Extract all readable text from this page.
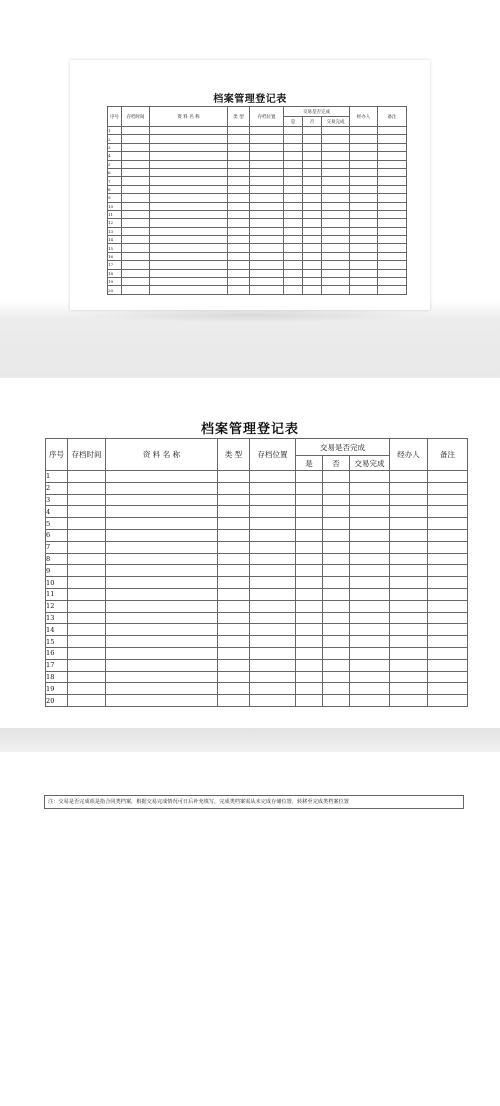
档案管理登记表
序号	存档时间	资 料 名 称	类 型	存档位置	交易是否完成			经办人	备注
					是	否	交易完成		
1									
2									
3									
4									
5									
6									
7									
8									
9									
10									
11									
12									
13									
14									
15									
16									
17									
18									
19									
20									
档案管理登记表
序号	存档时间	资 料 名 称	类 型	存档位置	交易是否完成			经办人	备注
					是	否	交易完成		
1									
2									
3									
4									
5									
6									
7									
8									
9									
10									
11									
12									
13									
14									
15									
16									
17									
18									
19									
20									
注：交易是否完成项是指合同类档案，根据交易完成情况可日后补充填写，完成类档案需从未完成存储位置，转移至完成类档案位置
